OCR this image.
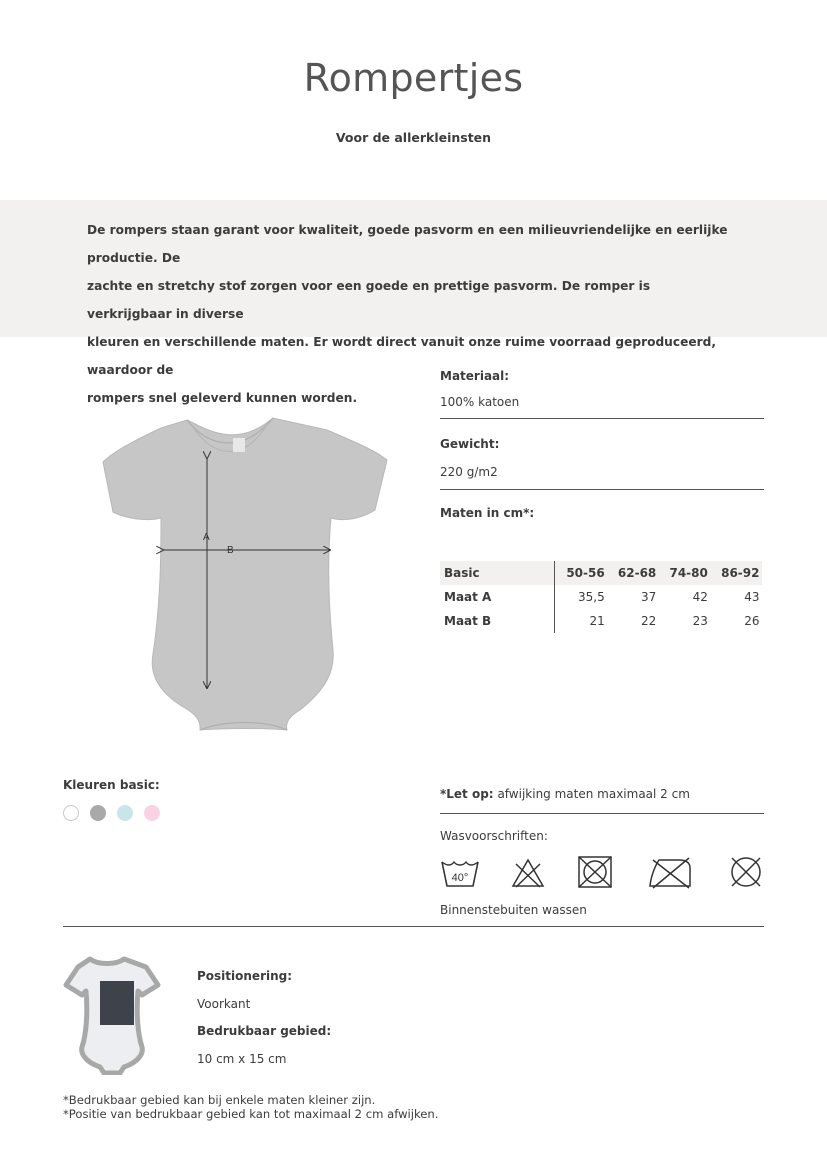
Rompertjes
Voor de allerkleinsten
De rompers staan garant voor kwaliteit, goede pasvorm en een milieuvriendelijke en eerlijke productie. De
zachte en stretchy stof zorgen voor een goede en prettige pasvorm. De romper is verkrijgbaar in diverse
kleuren en verschillende maten. Er wordt direct vanuit onze ruime voorraad geproduceerd, waardoor de
rompers snel geleverd kunnen worden.
A
B
Materiaal:
100% katoen
Gewicht:
220 g/m2
Maten in cm*:
Basic	50-56	62-68	74-80	86-92
Maat A	35,5	37	42	43
Maat B	21	22	23	26
Kleuren basic:
*Let op: afwijking maten maximaal 2 cm
Wasvoorschriften:
40°
Binnenstebuiten wassen
Positionering:
Voorkant
Bedrukbaar gebied:
10 cm x 15 cm
*Bedrukbaar gebied kan bij enkele maten kleiner zijn.
*Positie van bedrukbaar gebied kan tot maximaal 2 cm afwijken.
